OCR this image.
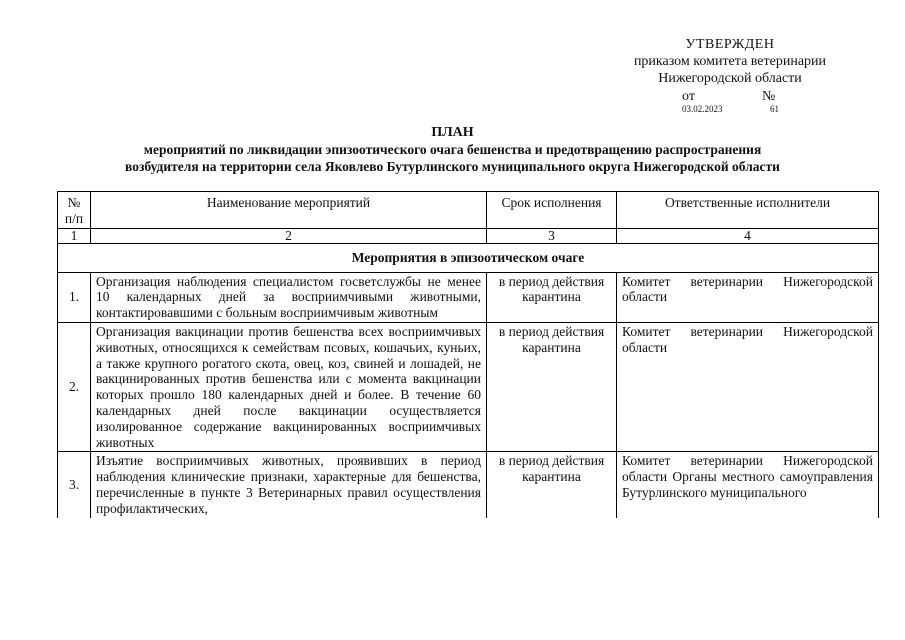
УТВЕРЖДЕН
приказом комитета ветеринарии
Нижегородской области
от	№
03.02.2023	61
ПЛАН
мероприятий по ликвидации эпизоотического очага бешенства и предотвращению распространения
возбудителя на территории села Яковлево Бутурлинского муниципального округа Нижегородской области
№ п/п	Наименование мероприятий	Срок исполнения	Ответственные исполнители
1	2	3	4
Мероприятия в эпизоотическом очаге			
1.	Организация наблюдения специалистом госветслужбы не менее 10 календарных дней за восприимчивыми животными, контактировавшими с больным восприимчивым животным	в период действия карантина	Комитет ветеринарии Нижегородской области
2.	Организация вакцинации против бешенства всех восприимчивых животных, относящихся к семействам псовых, кошачьих, куньих, а также крупного рогатого скота, овец, коз, свиней и лошадей, не вакцинированных против бешенства или с момента вакцинации которых прошло 180 календарных дней и более. В течение 60 календарных дней после вакцинации осуществляется изолированное содержание вакцинированных восприимчивых животных	в период действия карантина	Комитет ветеринарии Нижегородской области
3.	Изъятие восприимчивых животных, проявивших в период наблюдения клинические признаки, характерные для бешенства, перечисленные в пункте 3 Ветеринарных правил осуществления профилактических,	в период действия карантина	Комитет ветеринарии Нижегородской области Органы местного самоуправления Бутурлинского муниципального
